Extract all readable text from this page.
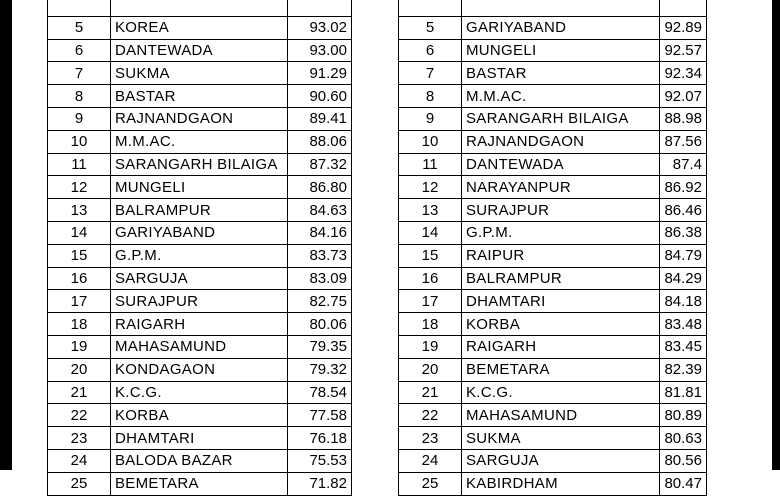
5	KOREA	93.02
6	DANTEWADA	93.00
7	SUKMA	91.29
8	BASTAR	90.60
9	RAJNANDGAON	89.41
10	M.M.AC.	88.06
11	SARANGARH BILAIGA	87.32
12	MUNGELI	86.80
13	BALRAMPUR	84.63
14	GARIYABAND	84.16
15	G.P.M.	83.73
16	SARGUJA	83.09
17	SURAJPUR	82.75
18	RAIGARH	80.06
19	MAHASAMUND	79.35
20	KONDAGAON	79.32
21	K.C.G.	78.54
22	KORBA	77.58
23	DHAMTARI	76.18
24	BALODA BAZAR	75.53
25	BEMETARA	71.82

5	GARIYABAND	92.89
6	MUNGELI	92.57
7	BASTAR	92.34
8	M.M.AC.	92.07
9	SARANGARH BILAIGA	88.98
10	RAJNANDGAON	87.56
11	DANTEWADA	87.4
12	NARAYANPUR	86.92
13	SURAJPUR	86.46
14	G.P.M.	86.38
15	RAIPUR	84.79
16	BALRAMPUR	84.29
17	DHAMTARI	84.18
18	KORBA	83.48
19	RAIGARH	83.45
20	BEMETARA	82.39
21	K.C.G.	81.81
22	MAHASAMUND	80.89
23	SUKMA	80.63
24	SARGUJA	80.56
25	KABIRDHAM	80.47
